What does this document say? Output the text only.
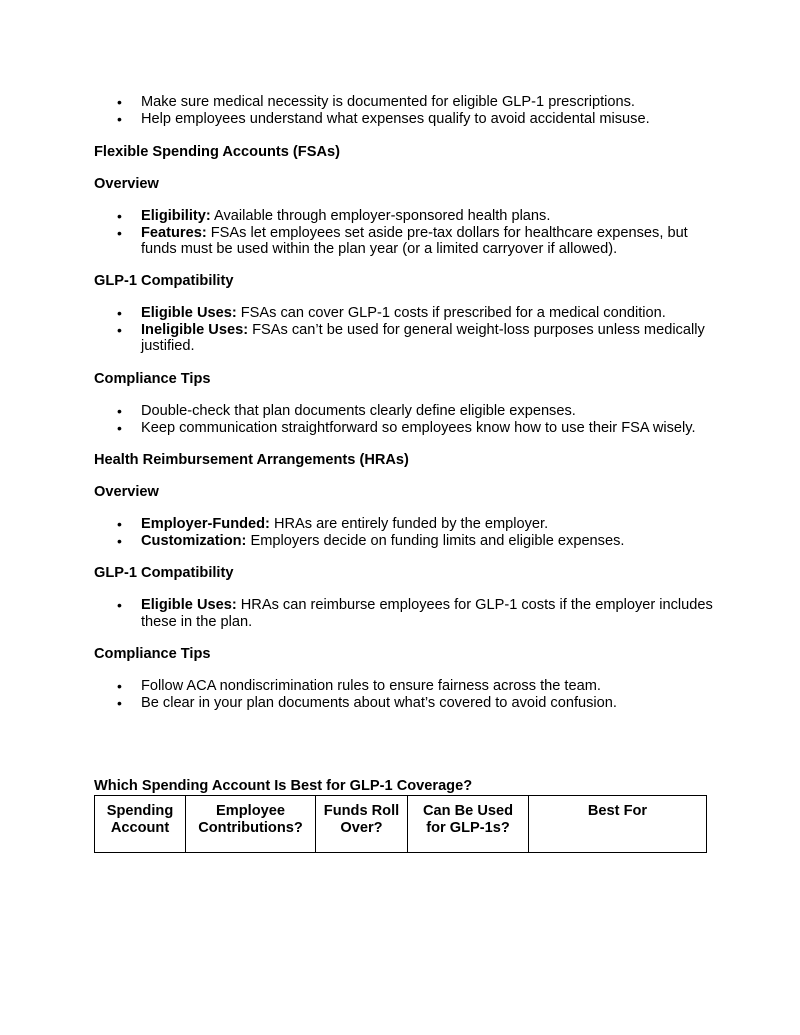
• Make sure medical necessity is documented for eligible GLP-1 prescriptions.
• Help employees understand what expenses qualify to avoid accidental misuse.
Flexible Spending Accounts (FSAs)
Overview
• Eligibility: Available through employer-sponsored health plans.
• Features: FSAs let employees set aside pre-tax dollars for healthcare expenses, but funds must be used within the plan year (or a limited carryover if allowed).
GLP-1 Compatibility
• Eligible Uses: FSAs can cover GLP-1 costs if prescribed for a medical condition.
• Ineligible Uses: FSAs can’t be used for general weight-loss purposes unless medically justified.
Compliance Tips
• Double-check that plan documents clearly define eligible expenses.
• Keep communication straightforward so employees know how to use their FSA wisely.
Health Reimbursement Arrangements (HRAs)
Overview
• Employer-Funded: HRAs are entirely funded by the employer.
• Customization: Employers decide on funding limits and eligible expenses.
GLP-1 Compatibility
• Eligible Uses: HRAs can reimburse employees for GLP-1 costs if the employer includes these in the plan.
Compliance Tips
• Follow ACA nondiscrimination rules to ensure fairness across the team.
• Be clear in your plan documents about what’s covered to avoid confusion.
Which Spending Account Is Best for GLP-1 Coverage?
Spending Account	Employee Contributions?	Funds Roll Over?	Can Be Used for GLP-1s?	Best For
